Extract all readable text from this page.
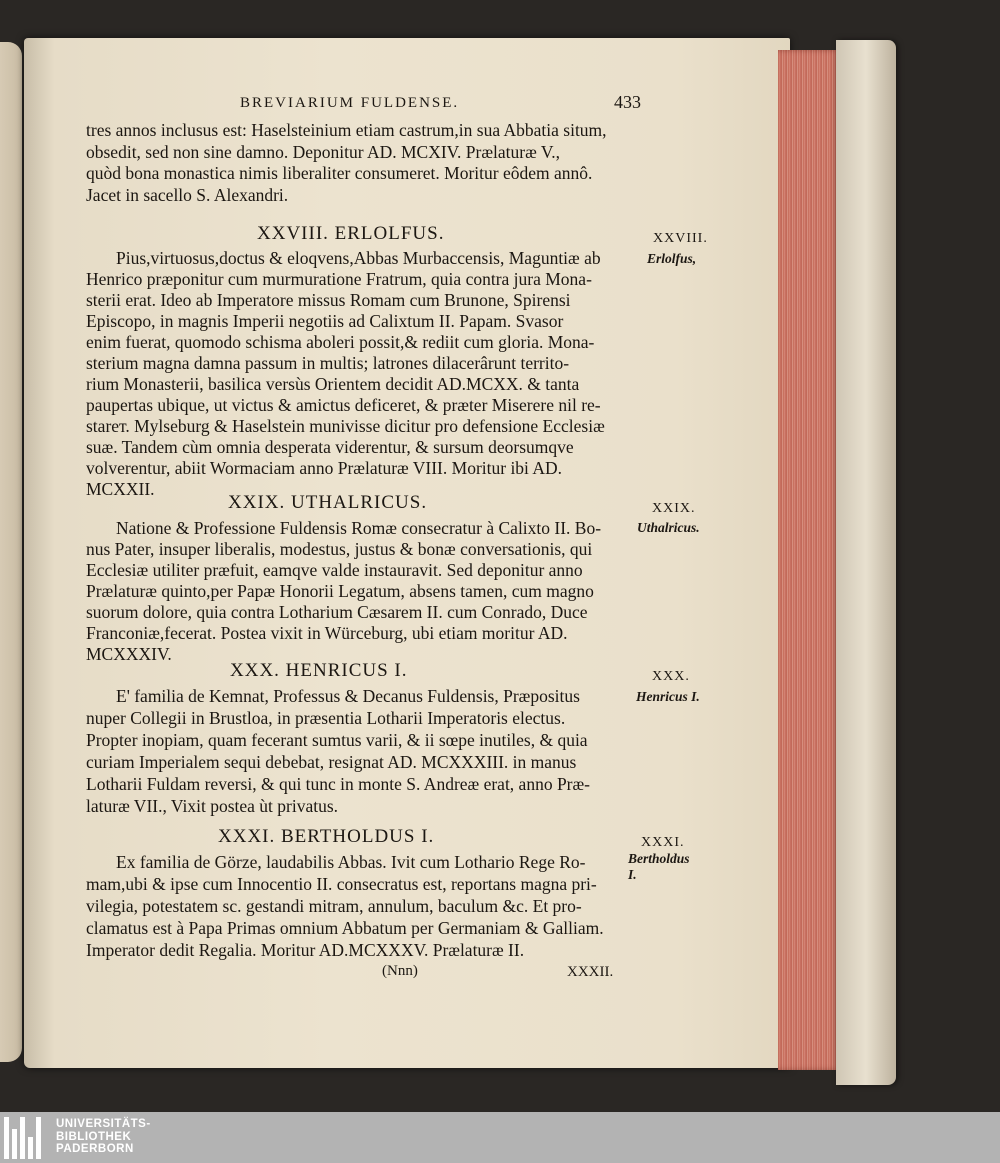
BREVIARIUM FULDENSE.	433
tres annos inclusus est: Haselsteinium etiam castrum,in sua Abbatia situm,
obsedit, sed non sine damno. Deponitur AD. MCXIV. Prælaturæ V.,
quòd bona monastica nimis liberaliter consumeret. Moritur eôdem annô.
Jacet in sacello S. Alexandri.
XXVIII. ERLOLFUS.
Pius,virtuosus,doctus & eloqvens,Abbas Murbaccensis, Maguntiæ ab
Henrico præponitur cum murmuratione Fratrum, quia contra jura Mona-
sterii erat. Ideo ab Imperatore missus Romam cum Brunone, Spirensi
Episcopo, in magnis Imperii negotiis ad Calixtum II. Papam. Svasor
enim fuerat, quomodo schisma aboleri possit,& rediit cum gloria. Mona-
sterium magna damna passum in multis; latrones dilacerârunt territo-
rium Monasterii, basilica versùs Orientem decidit AD.MCXX. & tanta
paupertas ubique, ut victus & amictus deficeret, & præter Miserere nil re-
starет. Mylseburg & Haselstein munivisse dicitur pro defensione Ecclesiæ
suæ. Tandem cùm omnia desperata viderentur, & sursum deorsumqve
volverentur, abiit Wormaciam anno Prælaturæ VIII. Moritur ibi AD.
MCXXII.
XXIX. UTHALRICUS.
Natione & Professione Fuldensis Romæ consecratur à Calixto II. Bo-
nus Pater, insuper liberalis, modestus, justus & bonæ conversationis, qui
Ecclesiæ utiliter præfuit, eamqve valde instauravit. Sed deponitur anno
Prælaturæ quinto,per Papæ Honorii Legatum, absens tamen, cum magno
suorum dolore, quia contra Lotharium Cæsarem II. cum Conrado, Duce
Franconiæ,fecerat. Postea vixit in Würceburg, ubi etiam moritur AD.
MCXXXIV.
XXX. HENRICUS I.
E' familia de Kemnat, Professus & Decanus Fuldensis, Præpositus
nuper Collegii in Brustloa, in præsentia Lotharii Imperatoris electus.
Propter inopiam, quam fecerant sumtus varii, & ii sœpe inutiles, & quia
curiam Imperialem sequi debebat, resignat AD. MCXXXIII. in manus
Lotharii Fuldam reversi, & qui tunc in monte S. Andreæ erat, anno Præ-
laturæ VII., Vixit postea ùt privatus.
XXXI. BERTHOLDUS I.
Ex familia de Görze, laudabilis Abbas. Ivit cum Lothario Rege Ro-
mam,ubi & ipse cum Innocentio II. consecratus est, reportans magna pri-
vilegia, potestatem sc. gestandi mitram, annulum, baculum &c. Et pro-
clamatus est à Papa Primas omnium Abbatum per Germaniam & Galliam.
Imperator dedit Regalia. Moritur AD.MCXXXV. Prælaturæ II.
XXVIII.
Erlolfus,
XXIX.
Uthalricus.
XXX.
Henricus I.
XXXI.
Bertholdus I.
(Nnn)	XXXII.
UNIVERSITÄTS-
BIBLIOTHEK
PADERBORN
